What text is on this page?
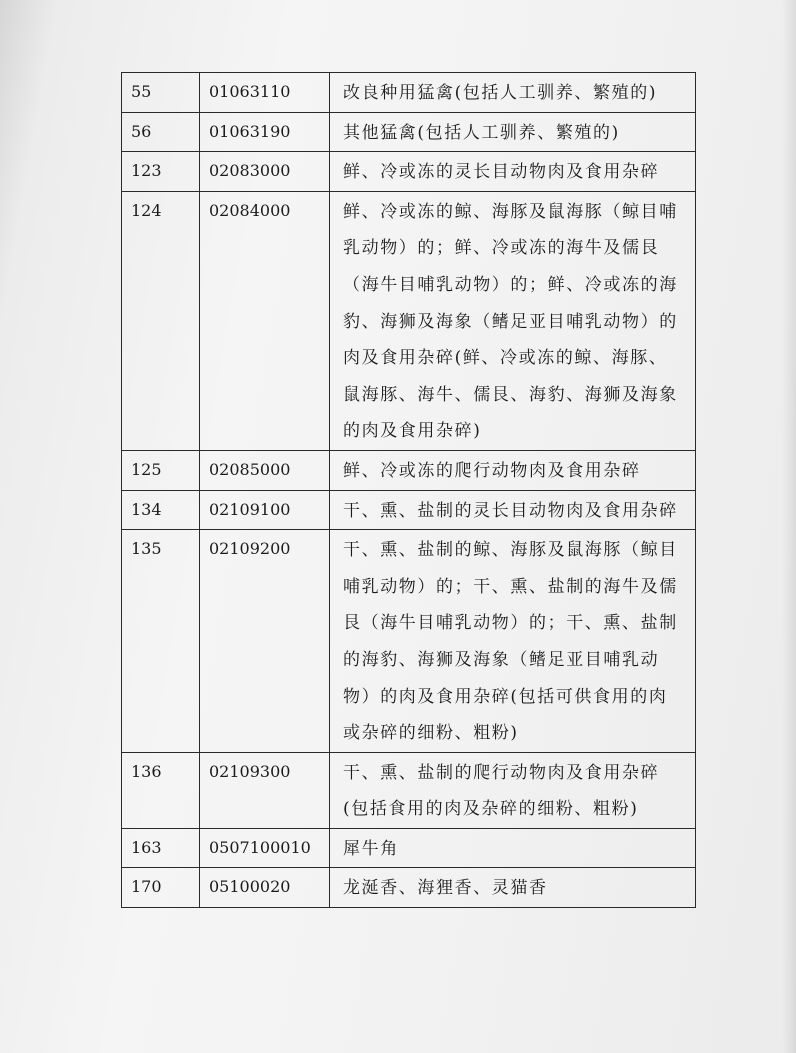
55	01063110	改良种用猛禽(包括人工驯养、繁殖的)
56	01063190	其他猛禽(包括人工驯养、繁殖的)
123	02083000	鲜、冷或冻的灵长目动物肉及食用杂碎
124	02084000	鲜、冷或冻的鲸、海豚及鼠海豚（鲸目哺乳动物）的；鲜、冷或冻的海牛及儒艮（海牛目哺乳动物）的；鲜、冷或冻的海豹、海狮及海象（鳍足亚目哺乳动物）的肉及食用杂碎(鲜、冷或冻的鲸、海豚、鼠海豚、海牛、儒艮、海豹、海狮及海象的肉及食用杂碎)
125	02085000	鲜、冷或冻的爬行动物肉及食用杂碎
134	02109100	干、熏、盐制的灵长目动物肉及食用杂碎
135	02109200	干、熏、盐制的鲸、海豚及鼠海豚（鲸目哺乳动物）的；干、熏、盐制的海牛及儒艮（海牛目哺乳动物）的；干、熏、盐制的海豹、海狮及海象（鳍足亚目哺乳动物）的肉及食用杂碎(包括可供食用的肉或杂碎的细粉、粗粉)
136	02109300	干、熏、盐制的爬行动物肉及食用杂碎(包括食用的肉及杂碎的细粉、粗粉)
163	0507100010	犀牛角
170	05100020	龙涎香、海狸香、灵猫香
